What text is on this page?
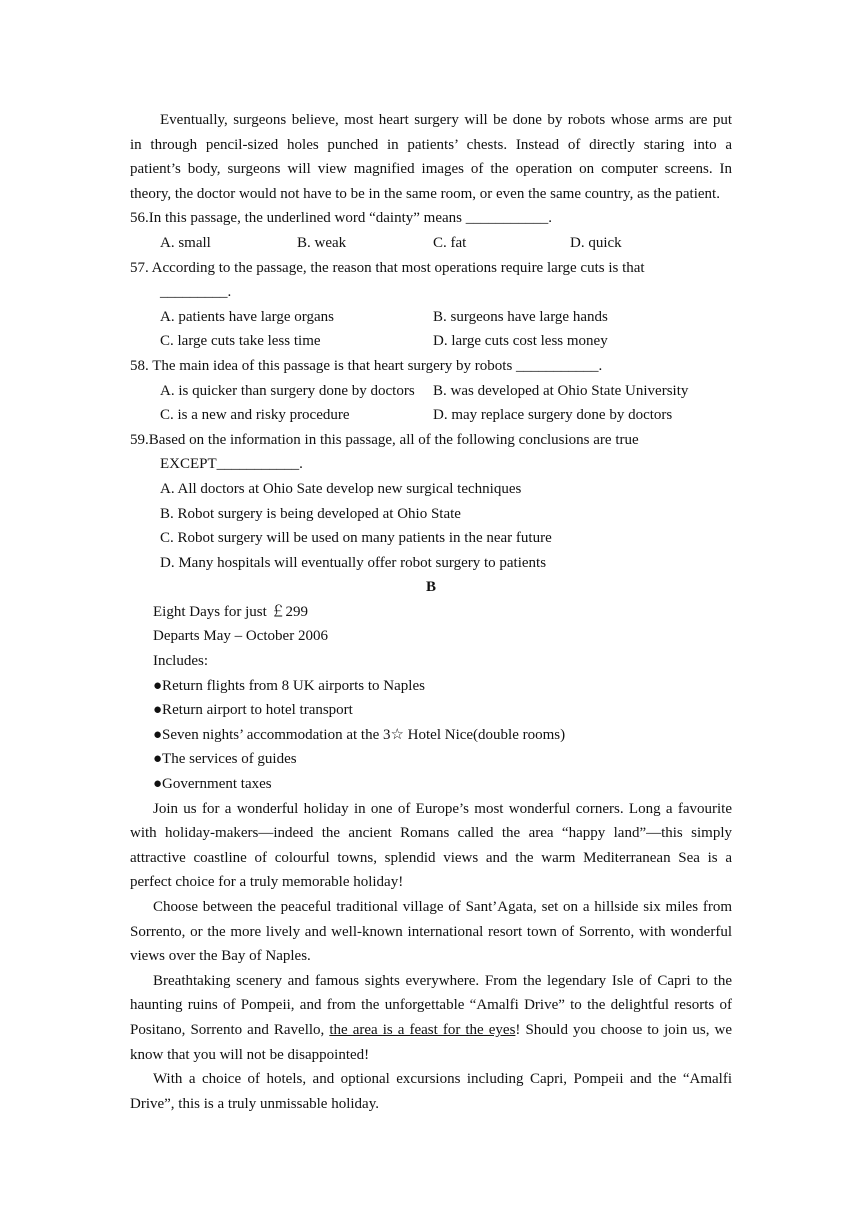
Eventually, surgeons believe, most heart surgery will be done by robots whose arms are put
in through pencil-sized holes punched in patients’ chests. Instead of directly staring into a
patient’s body, surgeons will view magnified images of the operation on computer screens. In
theory, the doctor would not have to be in the same room, or even the same country, as the patient.
56.In this passage, the underlined word “dainty” means ___________.
A. small	B. weak	C. fat	D. quick
57. According to the passage, the reason that most operations require large cuts is that
_________.
A. patients have large organs	B. surgeons have large hands
C. large cuts take less time	D. large cuts cost less money
58. The main idea of this passage is that heart surgery by robots ___________.
A. is quicker than surgery done by doctors B. was developed at Ohio State University
C. is a new and risky procedure	D. may replace surgery done by doctors
59.Based on the information in this passage, all of the following conclusions are true
EXCEPT___________.
A. All doctors at Ohio Sate develop new surgical techniques
B. Robot surgery is being developed at Ohio State
C. Robot surgery will be used on many patients in the near future
D. Many hospitals will eventually offer robot surgery to patients
B
Eight Days for just ￡299
Departs May – October 2006
Includes:
●Return flights from 8 UK airports to Naples
●Return airport to hotel transport
●Seven nights’ accommodation at the 3☆ Hotel Nice(double rooms)
●The services of guides
●Government taxes
Join us for a wonderful holiday in one of Europe’s most wonderful corners. Long a favourite
with holiday-makers—indeed the ancient Romans called the area “happy land”—this simply
attractive coastline of colourful towns, splendid views and the warm Mediterranean Sea is a
perfect choice for a truly memorable holiday!
Choose between the peaceful traditional village of Sant’Agata, set on a hillside six miles from
Sorrento, or the more lively and well-known international resort town of Sorrento, with wonderful
views over the Bay of Naples.
Breathtaking scenery and famous sights everywhere. From the legendary Isle of Capri to the
haunting ruins of Pompeii, and from the unforgettable “Amalfi Drive” to the delightful resorts of
Positano, Sorrento and Ravello, the area is a feast for the eyes! Should you choose to join us, we
know that you will not be disappointed!
With a choice of hotels, and optional excursions including Capri, Pompeii and the “Amalfi
Drive”, this is a truly unmissable holiday.
